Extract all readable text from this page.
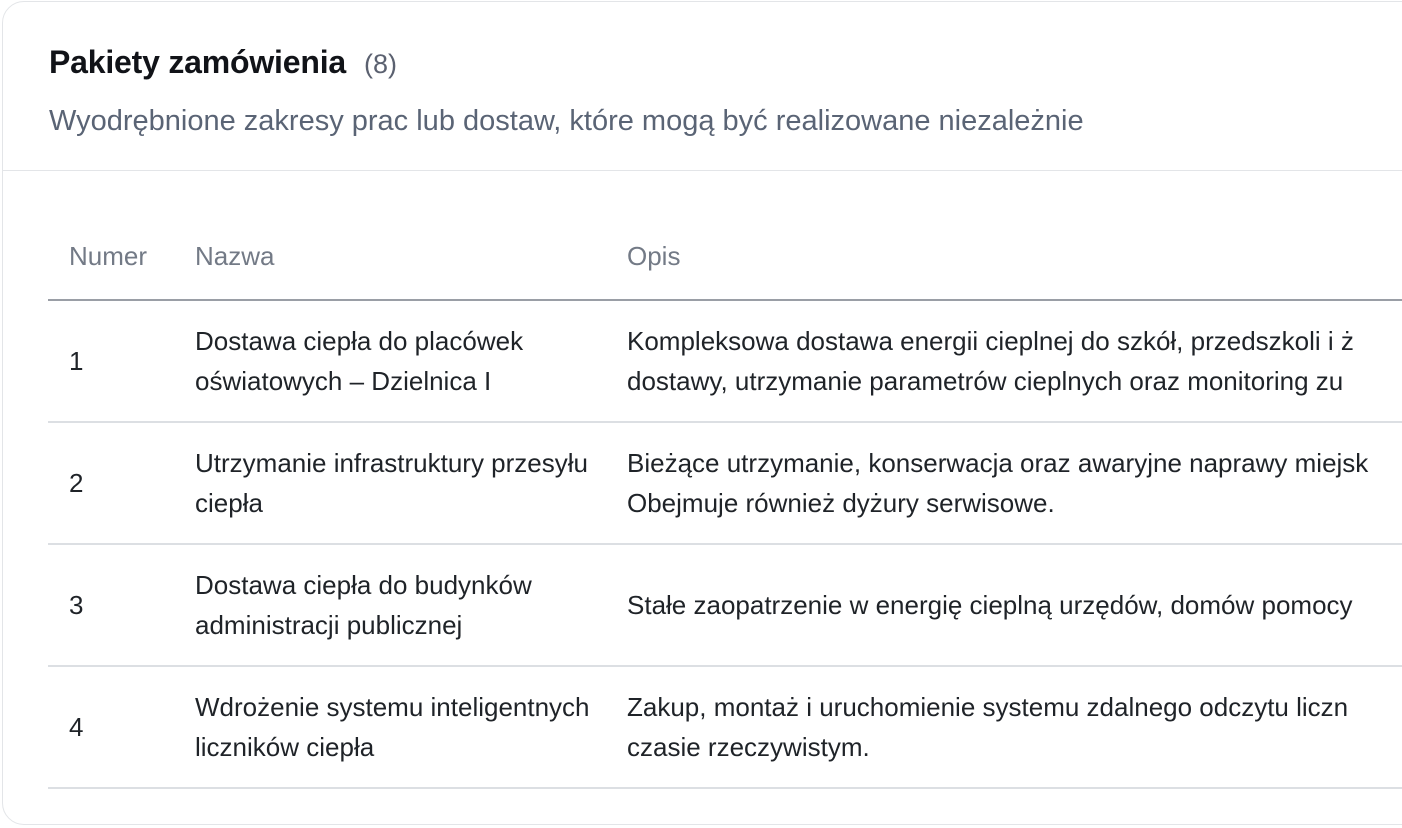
Pakiety zamówienia (8)
Wyodrębnione zakresy prac lub dostaw, które mogą być realizowane niezależnie
Numer	Nazwa	Opis
1	Dostawa ciepła do placówek oświatowych – Dzielnica I	Kompleksowa dostawa energii cieplnej do szkół, przedszkoli i ż
dostawy, utrzymanie parametrów cieplnych oraz monitoring zu
2	Utrzymanie infrastruktury przesyłu ciepła	Bieżące utrzymanie, konserwacja oraz awaryjne naprawy miejsk
Obejmuje również dyżury serwisowe.
3	Dostawa ciepła do budynków administracji publicznej	Stałe zaopatrzenie w energię cieplną urzędów, domów pomocy
4	Wdrożenie systemu inteligentnych liczników ciepła	Zakup, montaż i uruchomienie systemu zdalnego odczytu liczn
czasie rzeczywistym.
